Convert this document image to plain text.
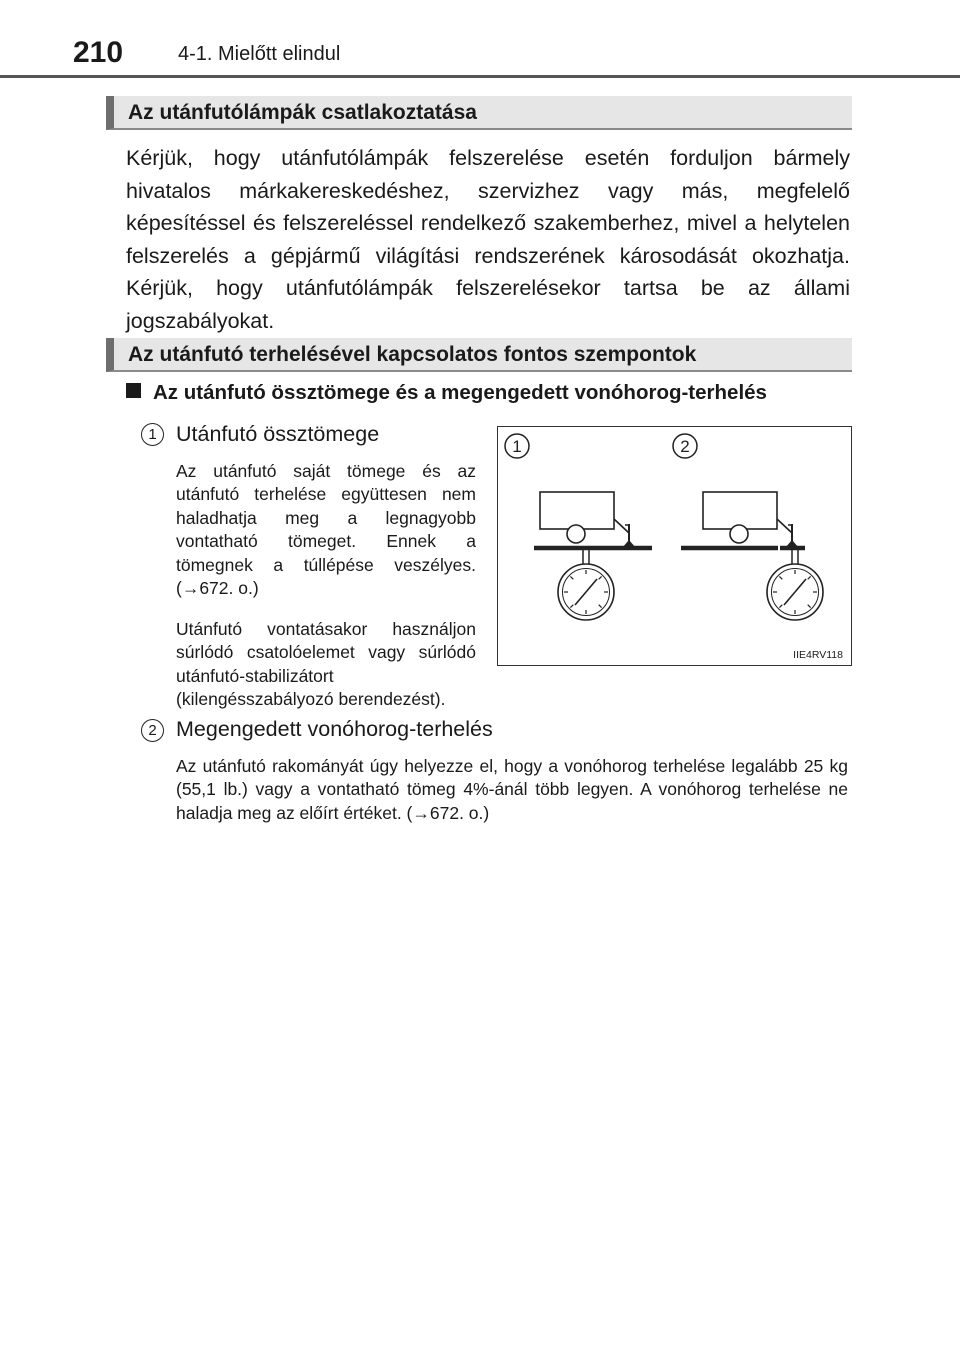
210	4-1. Mielőtt elindul
Az utánfutólámpák csatlakoztatása

Kérjük, hogy utánfutólámpák felszerelése esetén forduljon bármely hivatalos márkakereskedéshez, szervizhez vagy más, megfelelő képesítéssel és felszereléssel rendelkező szakemberhez, mivel a helytelen felszerelés a gépjármű világítási rendszerének károsodását okozhatja. Kérjük, hogy utánfutólámpák felszerelésekor tartsa be az állami jogszabályokat.

Az utánfutó terhelésével kapcsolatos fontos szempontok
Az utánfutó össztömege és a megengedett vonóhorog-terhelés
1 Utánfutó össztömege

Az utánfutó saját tömege és az utánfutó terhelése együttesen nem haladhatja meg a legnagyobb vontatható tömeget. Ennek a tömegnek a túllépése veszélyes. (→672. o.)

Utánfutó vontatásakor használjon súrlódó csatolóelemet vagy súrlódó utánfutó-stabilizátort (kilengésszabályozó berendezést).

1	2
IIE4RV118
2 Megengedett vonóhorog-terhelés

Az utánfutó rakományát úgy helyezze el, hogy a vonóhorog terhelése legalább 25 kg (55,1 lb.) vagy a vontatható tömeg 4%-ánál több legyen. A vonóhorog terhelése ne haladja meg az előírt értéket. (→672. o.)
